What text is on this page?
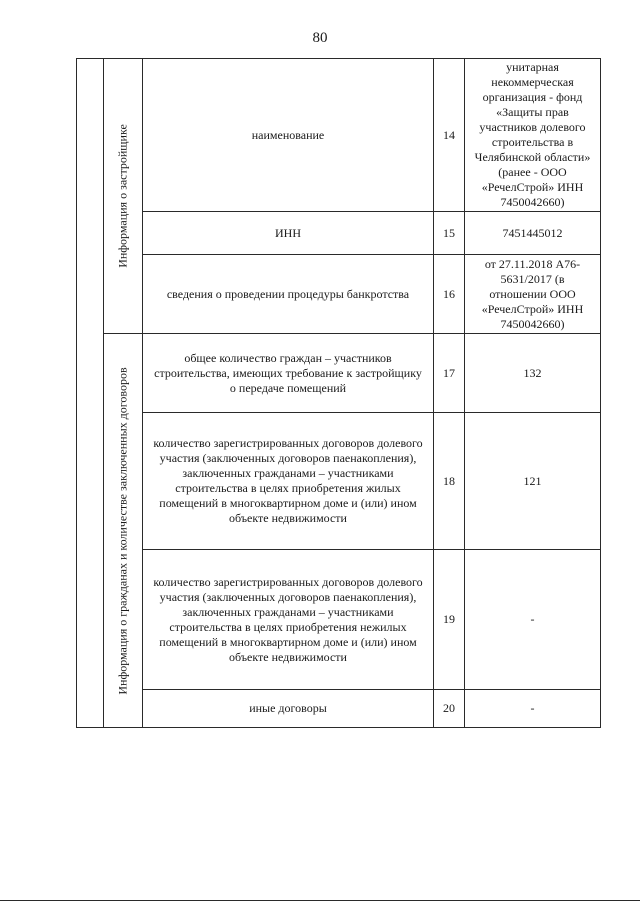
80

	Информация о застройщике	наименование	14	унитарная некоммерческая организация - фонд «Защиты прав участников долевого строительства в Челябинской области» (ранее - ООО «РечелСтрой» ИНН 7450042660)
		ИНН	15	7451445012
		сведения о проведении процедуры банкротства	16	от 27.11.2018 А76-5631/2017 (в отношении ООО «РечелСтрой» ИНН 7450042660)

	Информация о гражданах и количестве заключенных договоров	общее количество граждан – участников строительства, имеющих требование к застройщику о передаче помещений	17	132
		количество зарегистрированных договоров долевого участия (заключенных договоров паенакопления), заключенных гражданами – участниками строительства в целях приобретения жилых помещений в многоквартирном доме и (или) ином объекте недвижимости	18	121
		количество зарегистрированных договоров долевого участия (заключенных договоров паенакопления), заключенных гражданами – участниками строительства в целях приобретения нежилых помещений в многоквартирном доме и (или) ином объекте недвижимости	19	-
		иные договоры	20	-
